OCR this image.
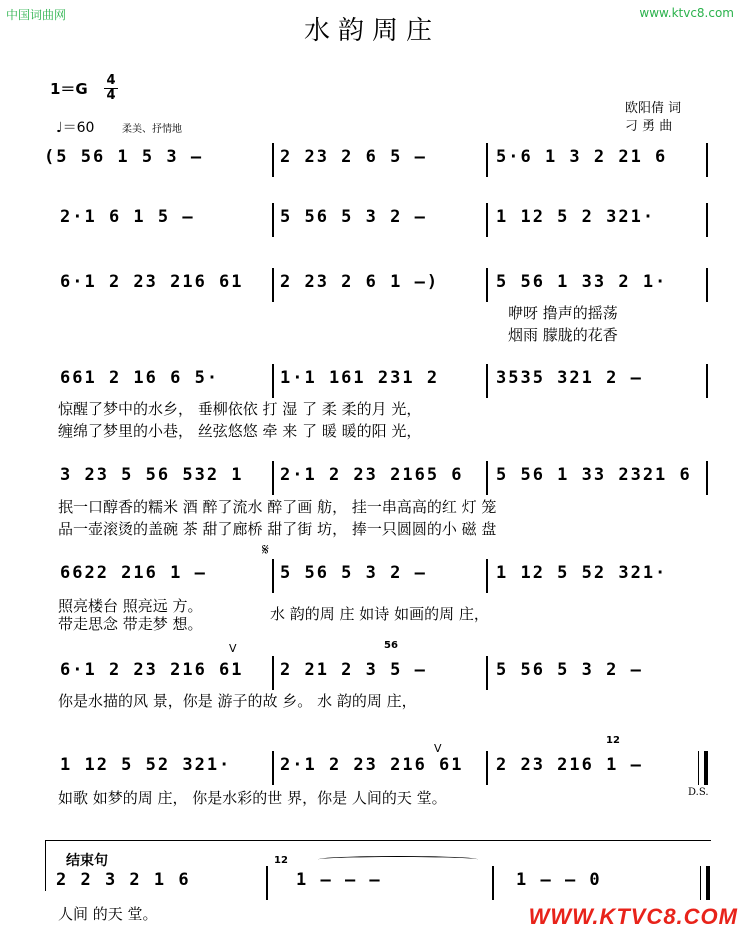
中国词曲网	www.ktvc8.com
水韵周庄
$1=G \frac{4}{4}$
♩＝60	柔美、抒情地
欧阳倩 词
刁 勇 曲
(5 56 1 5 3 –	2 23 2 6 5 –	5·6 1 3 2 21 6
2·1 6 1 5 –	5 56 5 3 2 –	1 12 5 2 321·
6·1 2 23 216 61 2 23 2 6 1 –)	5 56 1 33 2 1·
咿呀 撸声的摇荡
烟雨 朦胧的花香
661 2 16 6 5·	1·1 161 231 2	3535 321 2 –
惊醒了梦中的水乡， 垂柳依依 打 湿 了 柔 柔的月 光，
缠绵了梦里的小巷， 丝弦悠悠 牵 来 了 暖 暖的阳 光，
3 23 5 56 532 1 2·1 2 23 2165 6 5 56 1 33 2321 6
抿一口醇香的糯米 酒 醉了流水 醉了画 舫， 挂一串高高的红 灯 笼
品一壶滚烫的盖碗 茶 甜了廊桥 甜了街 坊， 捧一只圆圆的小 磁 盘
𝄋
6622 216 1 –	5 56 5 3 2 –	1 12 5 52 321·
照亮楼台 照亮远 方。
带走思念 带走梦 想。
水 韵的周 庄 如诗 如画的周 庄，
V	56
6·1 2 23 216 61 2 21 2 3 5 –	5 56 5 3 2 –
你是水描的风 景，你是 游子的故 乡。 水 韵的周 庄，
V
12
1 12 5 52 321·	2·1 2 23 216 61 2 23 216 1 –
D.S.
如歌 如梦的周 庄， 你是水彩的世 界，你是 人间的天 堂。
结束句	12
2 2 3 2 1 6	1 – – –	1 – – 0
人间 的天 堂。	WWW.KTVC8.COM
